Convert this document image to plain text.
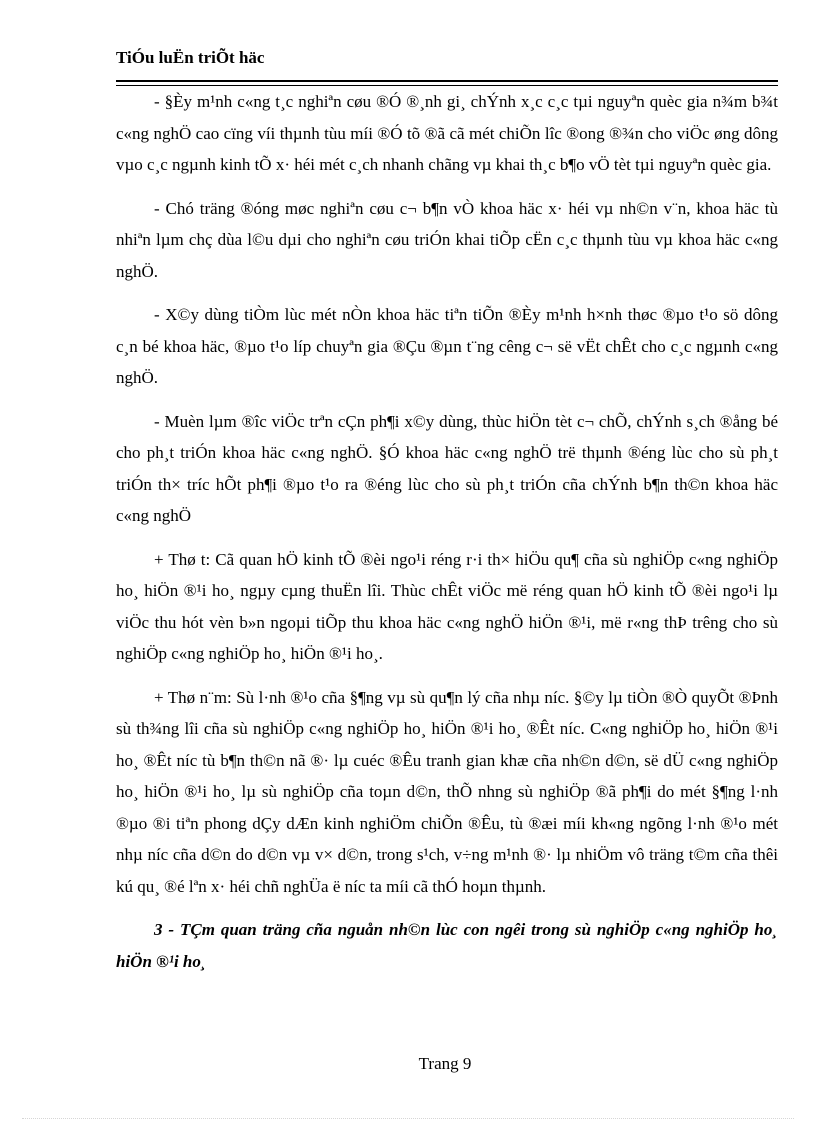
TiÓu luËn triÕt häc

- §Èy m¹nh c«ng t¸c nghiªn cøu ®Ó ®¸nh gi¸ chÝnh x¸c c¸c tµi nguyªn quèc gia n¾m b¾t c«ng nghÖ cao cïng víi thµnh tùu míi ®Ó tõ ®ã cã mét chiÕn lîc ®ong ®¾n cho viÖc øng dông vµo c¸c ngµnh kinh tÕ x· héi mét c¸ch nhanh chãng vµ khai th¸c b¶o vÖ tèt tµi nguyªn quèc gia.

- Chó träng ®óng møc nghiªn cøu c¬ b¶n vÒ khoa häc x· héi vµ nh©n v¨n, khoa häc tù nhiªn lµm chç dùa l©u dµi cho nghiªn cøu triÓn khai tiÕp cËn c¸c thµnh tùu vµ khoa häc c«ng nghÖ.

- X©y dùng tiÒm lùc mét nÒn khoa häc tiªn tiÕn ®Èy m¹nh h×nh thøc ®µo t¹o sö dông c¸n bé khoa häc, ®µo t¹o líp chuyªn gia ®Çu ®µn t¨ng cêng c¬ së vËt chÊt cho c¸c ngµnh c«ng nghÖ.

- Muèn lµm ®îc viÖc trªn cÇn ph¶i x©y dùng, thùc hiÖn tèt c¬ chÕ, chÝnh s¸ch ®ång bé cho ph¸t triÓn khoa häc c«ng nghÖ. §Ó khoa häc c«ng nghÖ trë thµnh ®éng lùc cho sù ph¸t triÓn th× tríc hÕt ph¶i ®µo t¹o ra ®éng lùc cho sù ph¸t triÓn cña chÝnh b¶n th©n khoa häc c«ng nghÖ

+ Thø t: Cã quan hÖ kinh tÕ ®èi ngo¹i réng r·i th× hiÖu qu¶ cña sù nghiÖp c«ng nghiÖp ho¸ hiÖn ®¹i ho¸ ngµy cµng thuËn lîi. Thùc chÊt viÖc më réng quan hÖ kinh tÕ ®èi ngo¹i lµ viÖc thu hót vèn b»n ngoµi tiÕp thu khoa häc c«ng nghÖ hiÖn ®¹i, më r«ng thÞ trêng cho sù nghiÖp c«ng nghiÖp ho¸ hiÖn ®¹i ho¸.

+ Thø n¨m: Sù l·nh ®¹o cña §¶ng vµ sù qu¶n lý cña nhµ níc. §©y lµ tiÒn ®Ò quyÕt ®Þnh sù th¾ng lîi cña sù nghiÖp c«ng nghiÖp ho¸ hiÖn ®¹i ho¸ ®Êt níc. C«ng nghiÖp ho¸ hiÖn ®¹i ho¸ ®Êt níc tù b¶n th©n nã ®· lµ cuéc ®Êu tranh gian khæ cña nh©n d©n, së dÜ c«ng nghiÖp ho¸ hiÖn ®¹i ho¸ lµ sù nghiÖp cña toµn d©n, thÕ nhng sù nghiÖp ®ã ph¶i do mét §¶ng l·nh ®µo ®i tiªn phong dÇy dÆn kinh nghiÖm chiÕn ®Êu, tù ®æi míi kh«ng ngõng l·nh ®¹o mét nhµ níc cña d©n do d©n vµ v× d©n, trong s¹ch, v÷ng m¹nh ®· lµ nhiÖm vô träng t©m cña thêi kú qu¸ ®é lªn x· héi chñ nghÜa ë níc ta míi cã thÓ hoµn thµnh.

3 - TÇm quan träng cña nguån nh©n lùc con ngêi trong sù nghiÖp c«ng nghiÖp ho¸ hiÖn ®¹i ho¸

Trang 9
